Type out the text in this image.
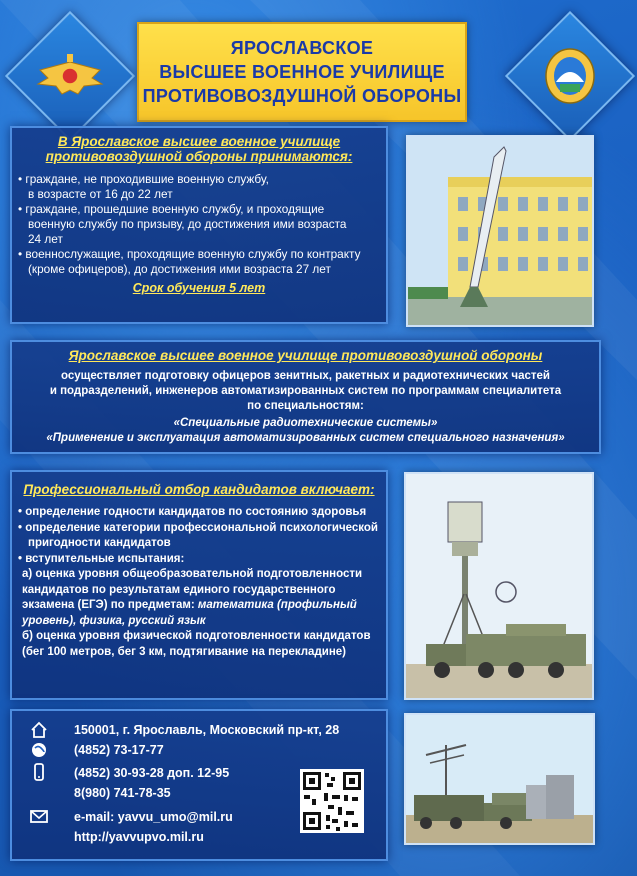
ЯРОСЛАВСКОЕ
ВЫСШЕЕ ВОЕННОЕ УЧИЛИЩЕ
ПРОТИВОВОЗДУШНОЙ ОБОРОНЫ
В Ярославское высшее военное училище
противовоздушной обороны принимаются:

• граждане, не проходившие военную службу,

в возрасте от 16 до 22 лет

• граждане, прошедшие военную службу, и проходящие

военную службу по призыву, до достижения ими возраста

24 лет

• военнослужащие, проходящие военную службу по контракту

(кроме офицеров), до достижения ими возраста 27 лет

Срок обучения 5 лет
Ярославское высшее военное училище противовоздушной обороны

осуществляет подготовку офицеров зенитных, ракетных и радиотехнических частей

и подразделений, инженеров автоматизированных систем по программам специалитета

по специальностям:

«Специальные радиотехнические системы»

«Применение и эксплуатация автоматизированных систем специального назначения»

Профессиональный отбор кандидатов включает:

• определение годности кандидатов по состоянию здоровья

• определение категории профессиональной психологической

пригодности кандидатов

• вступительные испытания:

а) оценка уровня общеобразовательной подготовленности

кандидатов по результатам единого государственного

экзамена (ЕГЭ) по предметам: математика (профильный

уровень), физика, русский язык

б) оценка уровня физической подготовленности кандидатов

(бег 100 метров, бег 3 км, подтягивание на перекладине)

150001, г. Ярославль, Московский пр-кт, 28
(4852) 73-17-77
(4852) 30-93-28 доп. 12-95
8(980) 741-78-35
e-mail: yavvu_umo@mil.ru
http://yavvupvo.mil.ru
